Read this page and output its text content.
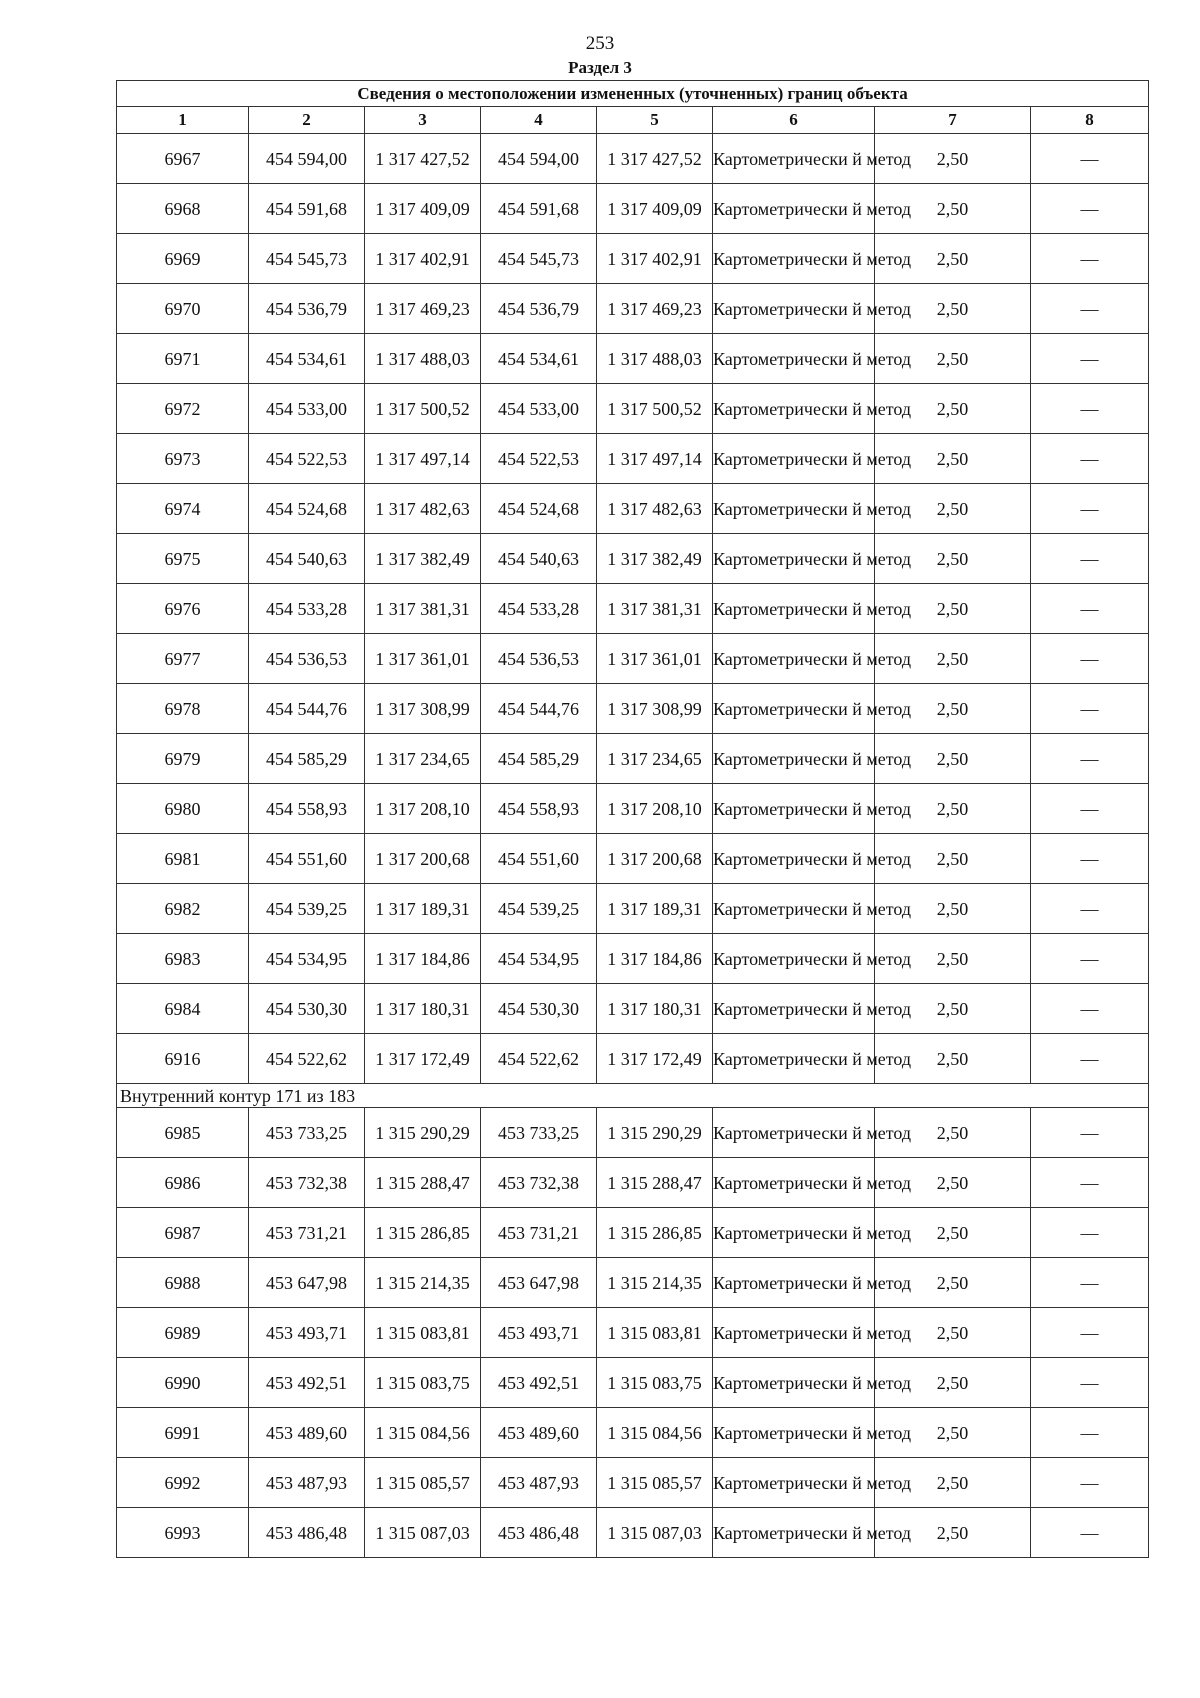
253
Раздел 3
Сведения о местоположении измененных (уточненных) границ объекта							
1	2	3	4	5	6	7	8
6967	454 594,00	1 317 427,52	454 594,00	1 317 427,52	Картометрически й метод	2,50	—
6968	454 591,68	1 317 409,09	454 591,68	1 317 409,09	Картометрически й метод	2,50	—
6969	454 545,73	1 317 402,91	454 545,73	1 317 402,91	Картометрически й метод	2,50	—
6970	454 536,79	1 317 469,23	454 536,79	1 317 469,23	Картометрически й метод	2,50	—
6971	454 534,61	1 317 488,03	454 534,61	1 317 488,03	Картометрически й метод	2,50	—
6972	454 533,00	1 317 500,52	454 533,00	1 317 500,52	Картометрически й метод	2,50	—
6973	454 522,53	1 317 497,14	454 522,53	1 317 497,14	Картометрически й метод	2,50	—
6974	454 524,68	1 317 482,63	454 524,68	1 317 482,63	Картометрически й метод	2,50	—
6975	454 540,63	1 317 382,49	454 540,63	1 317 382,49	Картометрически й метод	2,50	—
6976	454 533,28	1 317 381,31	454 533,28	1 317 381,31	Картометрически й метод	2,50	—
6977	454 536,53	1 317 361,01	454 536,53	1 317 361,01	Картометрически й метод	2,50	—
6978	454 544,76	1 317 308,99	454 544,76	1 317 308,99	Картометрически й метод	2,50	—
6979	454 585,29	1 317 234,65	454 585,29	1 317 234,65	Картометрически й метод	2,50	—
6980	454 558,93	1 317 208,10	454 558,93	1 317 208,10	Картометрически й метод	2,50	—
6981	454 551,60	1 317 200,68	454 551,60	1 317 200,68	Картометрически й метод	2,50	—
6982	454 539,25	1 317 189,31	454 539,25	1 317 189,31	Картометрически й метод	2,50	—
6983	454 534,95	1 317 184,86	454 534,95	1 317 184,86	Картометрически й метод	2,50	—
6984	454 530,30	1 317 180,31	454 530,30	1 317 180,31	Картометрически й метод	2,50	—
6916	454 522,62	1 317 172,49	454 522,62	1 317 172,49	Картометрически й метод	2,50	—
Внутренний контур 171 из 183							
6985	453 733,25	1 315 290,29	453 733,25	1 315 290,29	Картометрически й метод	2,50	—
6986	453 732,38	1 315 288,47	453 732,38	1 315 288,47	Картометрически й метод	2,50	—
6987	453 731,21	1 315 286,85	453 731,21	1 315 286,85	Картометрически й метод	2,50	—
6988	453 647,98	1 315 214,35	453 647,98	1 315 214,35	Картометрически й метод	2,50	—
6989	453 493,71	1 315 083,81	453 493,71	1 315 083,81	Картометрически й метод	2,50	—
6990	453 492,51	1 315 083,75	453 492,51	1 315 083,75	Картометрически й метод	2,50	—
6991	453 489,60	1 315 084,56	453 489,60	1 315 084,56	Картометрически й метод	2,50	—
6992	453 487,93	1 315 085,57	453 487,93	1 315 085,57	Картометрически й метод	2,50	—
6993	453 486,48	1 315 087,03	453 486,48	1 315 087,03	Картометрически й метод	2,50	—
